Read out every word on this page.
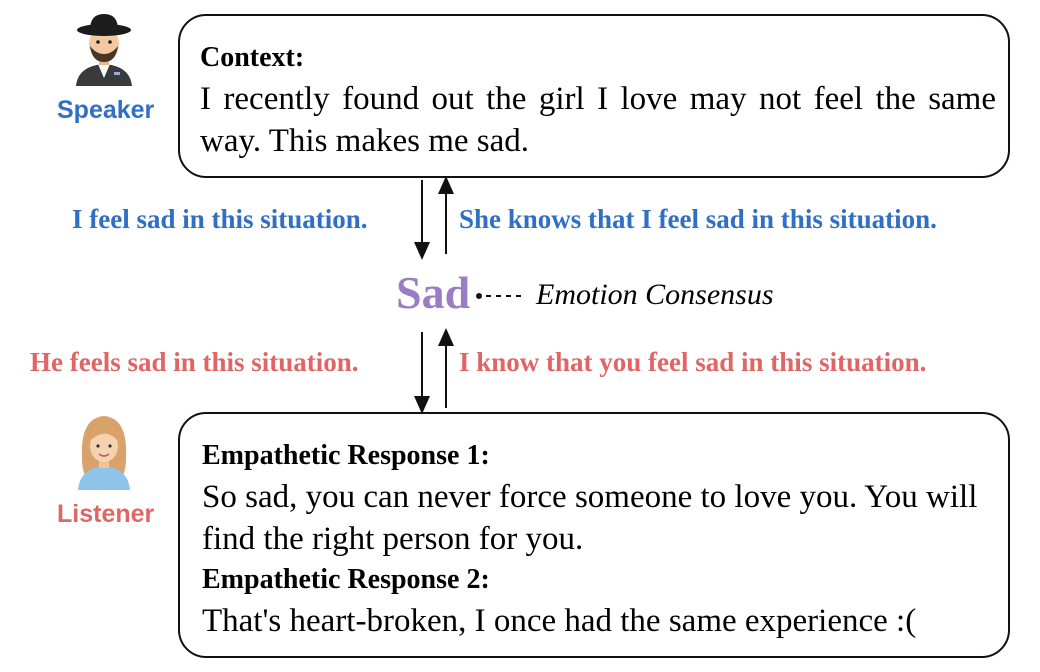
Speaker
Listener
Context:
I recently found out the girl I love may not feel the same way. This makes me sad.
I feel sad in this situation.	She knows that I feel sad in this situation.
He feels sad in this situation.	I know that you feel sad in this situation.
Sad Emotion Consensus
Empathetic Response 1:
So sad, you can never force someone to love you. You will find the right person for you.
Empathetic Response 2:
That's heart-broken, I once had the same experience :(
